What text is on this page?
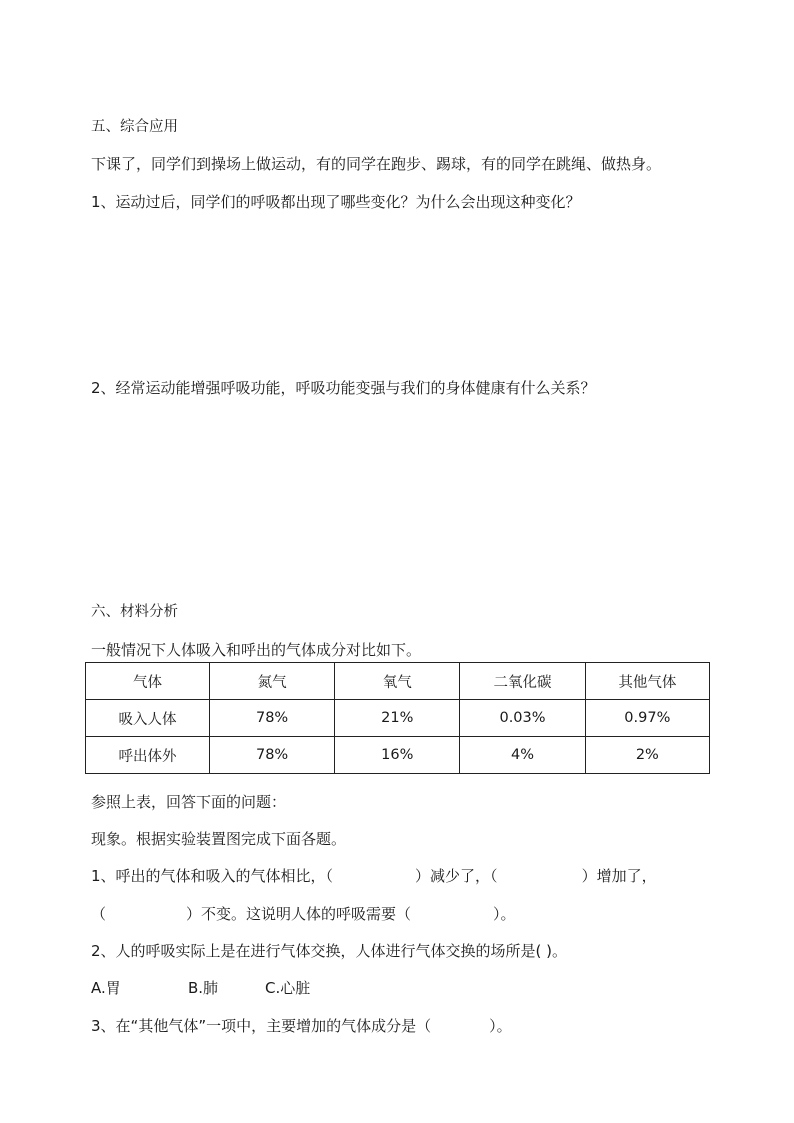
五、综合应用
下课了，同学们到操场上做运动，有的同学在跑步、踢球，有的同学在跳绳、做热身。
1、运动过后，同学们的呼吸都出现了哪些变化？为什么会出现这种变化？
2、经常运动能增强呼吸功能，呼吸功能变强与我们的身体健康有什么关系？
六、材料分析
一般情况下人体吸入和呼出的气体成分对比如下。
气体	氮气	氧气	二氧化碳	其他气体
吸入人体	78%	21%	0.03%	0.97%
呼出体外	78%	16%	4%	2%
参照上表，回答下面的问题：
现象。根据实验装置图完成下面各题。
1、呼出的气体和吸入的气体相比，（	）减少了，（	）增加了，
（	）不变。这说明人体的呼吸需要（	）。
2、人的呼吸实际上是在进行气体交换，人体进行气体交换的场所是( )。
A.胃	B.肺	C.心脏
3、在“其他气体”一项中，主要增加的气体成分是（	）。
